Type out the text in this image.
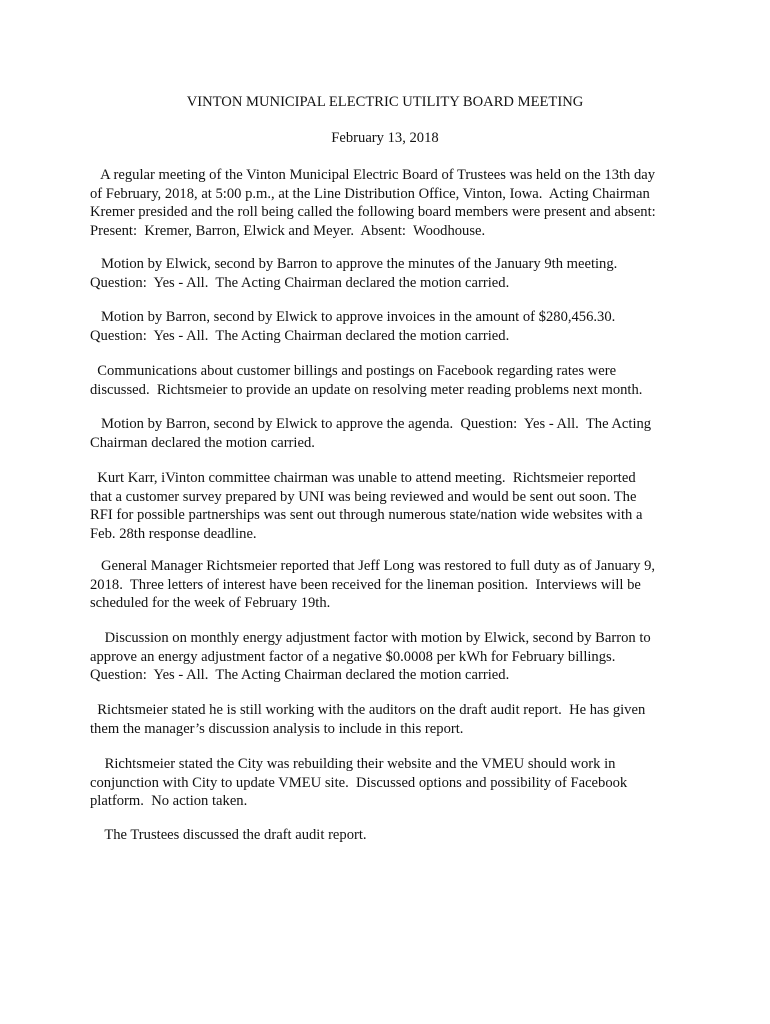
VINTON MUNICIPAL ELECTRIC UTILITY BOARD MEETING
February 13, 2018
A regular meeting of the Vinton Municipal Electric Board of Trustees was held on the 13th day
of February, 2018, at 5:00 p.m., at the Line Distribution Office, Vinton, Iowa.  Acting Chairman
Kremer presided and the roll being called the following board members were present and absent:
Present:  Kremer, Barron, Elwick and Meyer.  Absent:  Woodhouse.
Motion by Elwick, second by Barron to approve the minutes of the January 9th meeting.
Question:  Yes - All.  The Acting Chairman declared the motion carried.
Motion by Barron, second by Elwick to approve invoices in the amount of $280,456.30.
Question:  Yes - All.  The Acting Chairman declared the motion carried.
Communications about customer billings and postings on Facebook regarding rates were
discussed.  Richtsmeier to provide an update on resolving meter reading problems next month.
Motion by Barron, second by Elwick to approve the agenda.  Question:  Yes - All.  The Acting
Chairman declared the motion carried.
Kurt Karr, iVinton committee chairman was unable to attend meeting.  Richtsmeier reported
that a customer survey prepared by UNI was being reviewed and would be sent out soon. The
RFI for possible partnerships was sent out through numerous state/nation wide websites with a
Feb. 28th response deadline.
General Manager Richtsmeier reported that Jeff Long was restored to full duty as of January 9,
2018.  Three letters of interest have been received for the lineman position.  Interviews will be
scheduled for the week of February 19th.
Discussion on monthly energy adjustment factor with motion by Elwick, second by Barron to
approve an energy adjustment factor of a negative $0.0008 per kWh for February billings.
Question:  Yes - All.  The Acting Chairman declared the motion carried.
Richtsmeier stated he is still working with the auditors on the draft audit report.  He has given
them the manager’s discussion analysis to include in this report.
Richtsmeier stated the City was rebuilding their website and the VMEU should work in
conjunction with City to update VMEU site.  Discussed options and possibility of Facebook
platform.  No action taken.
The Trustees discussed the draft audit report.
